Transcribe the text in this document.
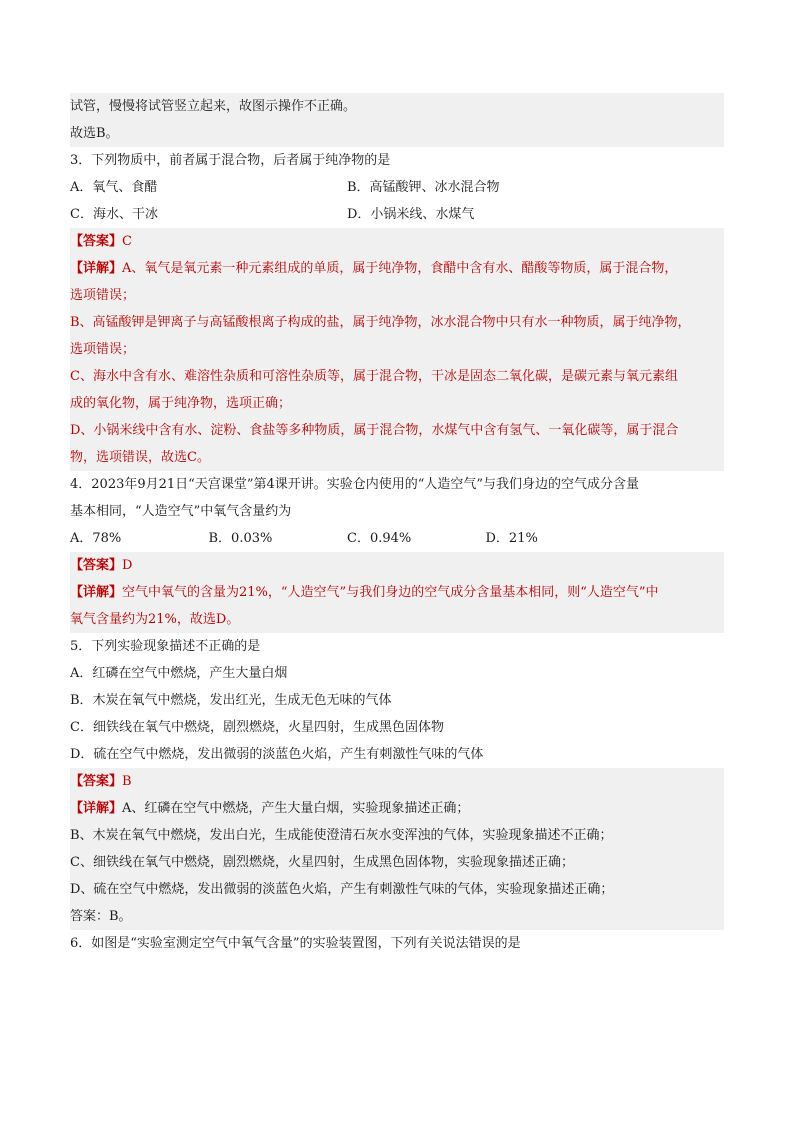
试管，慢慢将试管竖立起来，故图示操作不正确。
故选B。
3．下列物质中，前者属于混合物，后者属于纯净物的是
A．氧气、食醋	B．高锰酸钾、冰水混合物
C．海水、干冰	D．小锅米线、水煤气
【答案】C
【详解】A、氧气是氧元素一种元素组成的单质，属于纯净物，食醋中含有水、醋酸等物质，属于混合物，
选项错误；
B、高锰酸钾是钾离子与高锰酸根离子构成的盐，属于纯净物，冰水混合物中只有水一种物质，属于纯净物，
选项错误；
C、海水中含有水、难溶性杂质和可溶性杂质等，属于混合物，干冰是固态二氧化碳，是碳元素与氧元素组
成的氧化物，属于纯净物，选项正确；
D、小锅米线中含有水、淀粉、食盐等多种物质，属于混合物，水煤气中含有氢气、一氧化碳等，属于混合
物，选项错误，故选C。
4．2023年9月21日“天宫课堂”第4课开讲。实验仓内使用的“人造空气”与我们身边的空气成分含量
基本相同，“人造空气”中氧气含量约为
A．78%	B．0.03%	C．0.94%	D．21%
【答案】D
【详解】空气中氧气的含量为21%，“人造空气”与我们身边的空气成分含量基本相同，则“人造空气”中
氧气含量约为21%，故选D。
5．下列实验现象描述不正确的是
A．红磷在空气中燃烧，产生大量白烟
B．木炭在氧气中燃烧，发出红光，生成无色无味的气体
C．细铁线在氧气中燃烧，剧烈燃烧，火星四射，生成黑色固体物
D．硫在空气中燃烧，发出微弱的淡蓝色火焰，产生有刺激性气味的气体
【答案】B
【详解】A、红磷在空气中燃烧，产生大量白烟，实验现象描述正确；
B、木炭在氧气中燃烧，发出白光，生成能使澄清石灰水变浑浊的气体，实验现象描述不正确；
C、细铁线在氧气中燃烧，剧烈燃烧，火星四射，生成黑色固体物，实验现象描述正确；
D、硫在空气中燃烧，发出微弱的淡蓝色火焰，产生有刺激性气味的气体，实验现象描述正确；
答案：B。
6．如图是“实验室测定空气中氧气含量”的实验装置图，下列有关说法错误的是
